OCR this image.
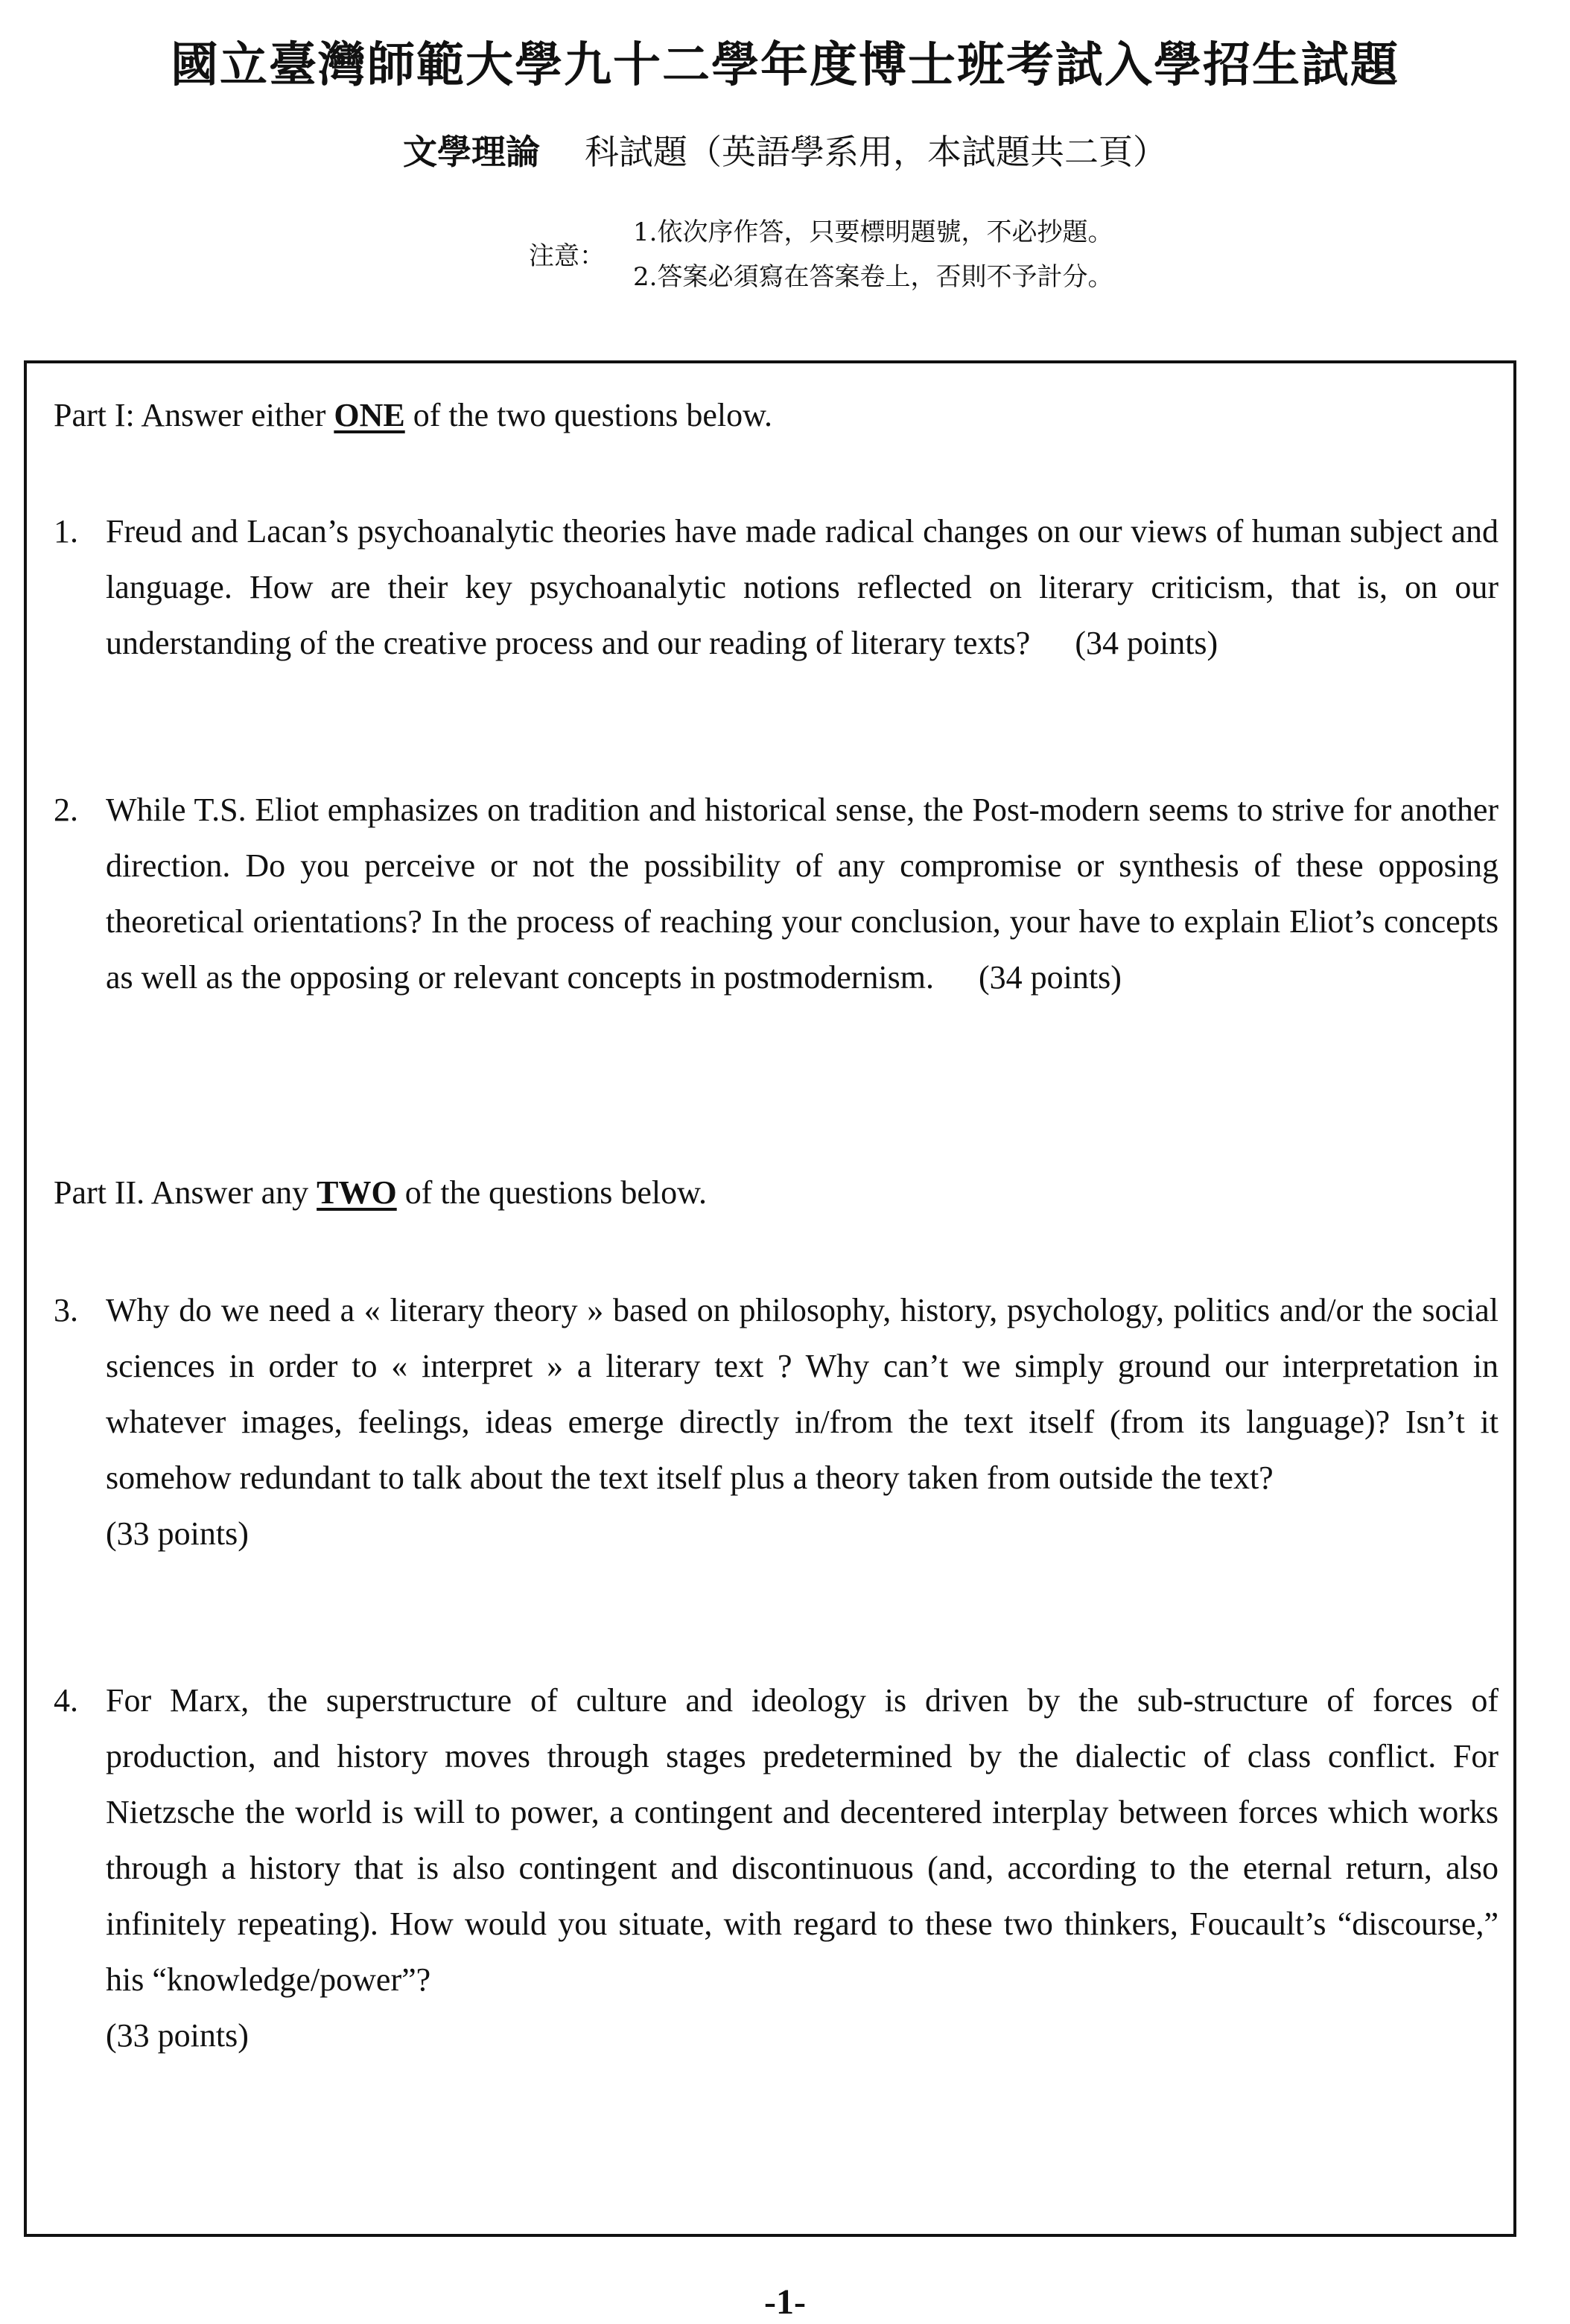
國立臺灣師範大學九十二學年度博士班考試入學招生試題
文學理論 科試題（英語學系用，本試題共二頁）
注意：
1.依次序作答，只要標明題號，不必抄題。
2.答案必須寫在答案卷上，否則不予計分。
Part I: Answer either ONE of the two questions below.
1. Freud and Lacan’s psychoanalytic theories have made radical changes on our views of human subject and language. How are their key psychoanalytic notions reflected on literary criticism, that is, on our understanding of the creative process and our reading of literary texts? (34 points)
2. While T.S. Eliot emphasizes on tradition and historical sense, the Post-modern seems to strive for another direction. Do you perceive or not the possibility of any compromise or synthesis of these opposing theoretical orientations? In the process of reaching your conclusion, your have to explain Eliot’s concepts as well as the opposing or relevant concepts in postmodernism. (34 points)
Part II. Answer any TWO of the questions below.
3. Why do we need a « literary theory » based on philosophy, history, psychology, politics and/or the social sciences in order to « interpret » a literary text ? Why can’t we simply ground our interpretation in whatever images, feelings, ideas emerge directly in/from the text itself (from its language)? Isn’t it somehow redundant to talk about the text itself plus a theory taken from outside the text?
(33 points)
4. For Marx, the superstructure of culture and ideology is driven by the sub-structure of forces of production, and history moves through stages predetermined by the dialectic of class conflict. For Nietzsche the world is will to power, a contingent and decentered interplay between forces which works through a history that is also contingent and discontinuous (and, according to the eternal return, also infinitely repeating). How would you situate, with regard to these two thinkers, Foucault’s “discourse,” his “knowledge/power”?
(33 points)
-1-
